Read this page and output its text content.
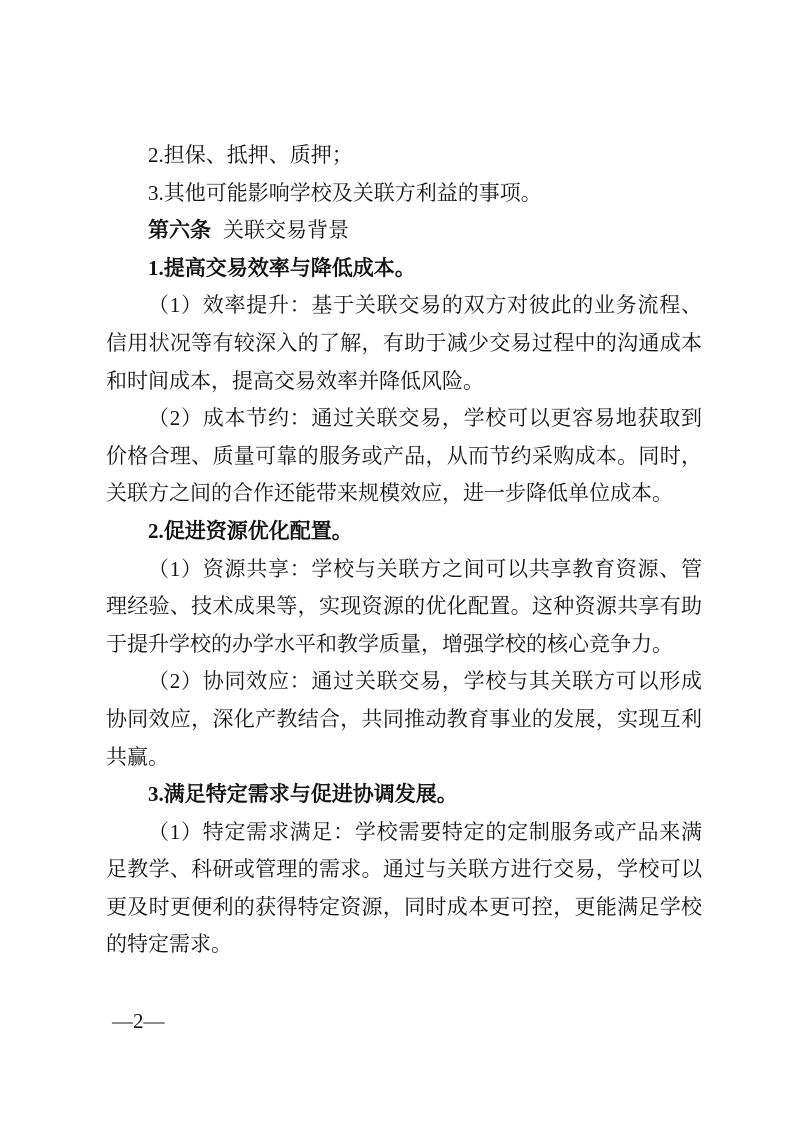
2.担保、抵押、质押；

3.其他可能影响学校及关联方利益的事项。

第六条 关联交易背景

1.提高交易效率与降低成本。

（1）效率提升：基于关联交易的双方对彼此的业务流程、信用状况等有较深入的了解，有助于减少交易过程中的沟通成本和时间成本，提高交易效率并降低风险。

（2）成本节约：通过关联交易，学校可以更容易地获取到价格合理、质量可靠的服务或产品，从而节约采购成本。同时，关联方之间的合作还能带来规模效应，进一步降低单位成本。

2.促进资源优化配置。

（1）资源共享：学校与关联方之间可以共享教育资源、管理经验、技术成果等，实现资源的优化配置。这种资源共享有助于提升学校的办学水平和教学质量，增强学校的核心竞争力。

（2）协同效应：通过关联交易，学校与其关联方可以形成协同效应，深化产教结合，共同推动教育事业的发展，实现互利共赢。

3.满足特定需求与促进协调发展。

（1）特定需求满足：学校需要特定的定制服务或产品来满足教学、科研或管理的需求。通过与关联方进行交易，学校可以更及时更便利的获得特定资源，同时成本更可控，更能满足学校的特定需求。

—2—
